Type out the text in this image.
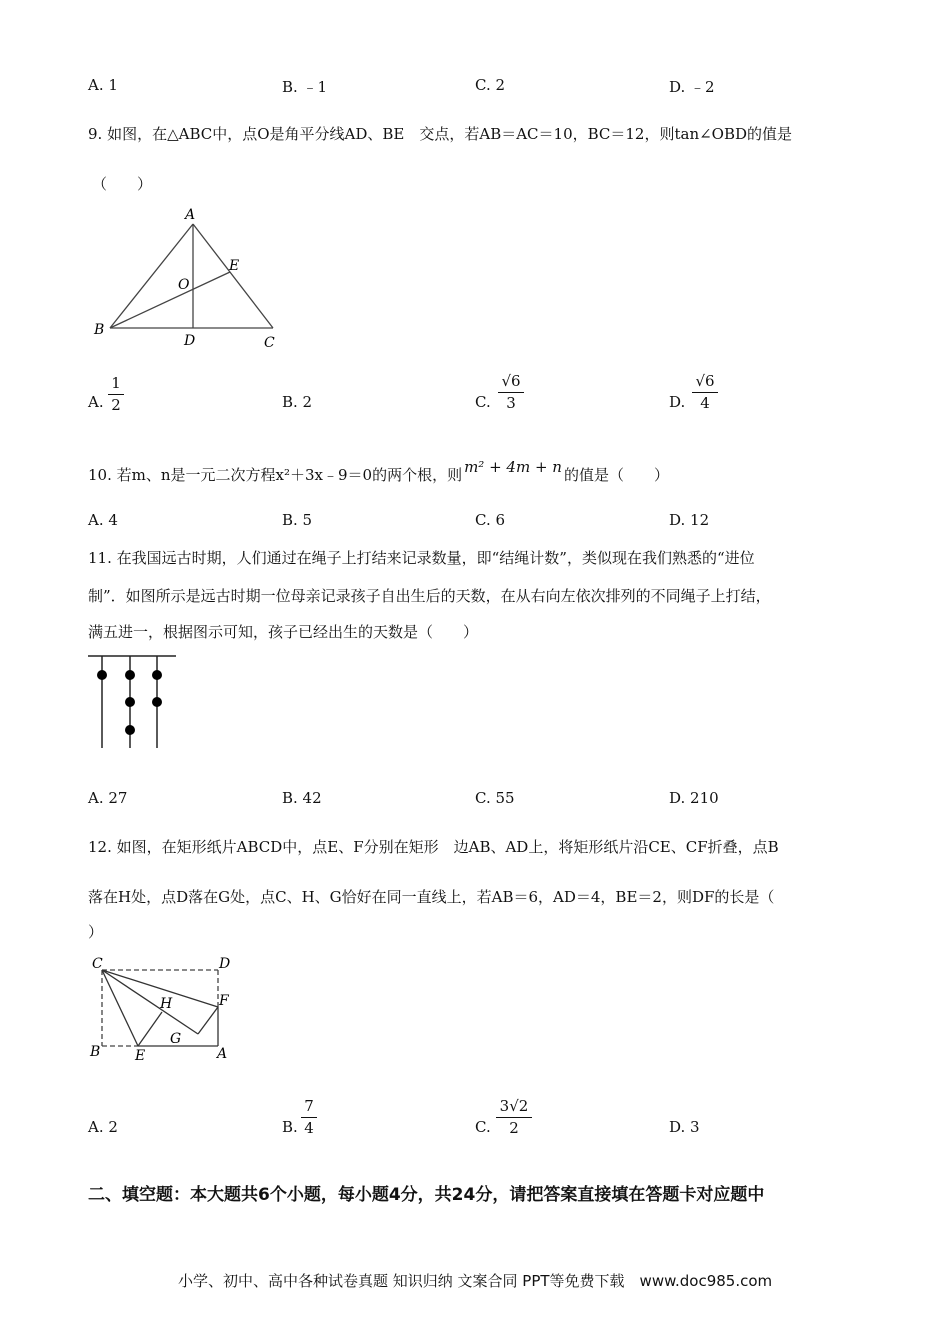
A. 1	B. ﹣1	C. 2	D. ﹣2
9. 如图，在△ABC中，点O是角平分线AD、BE　交点，若AB＝AC＝10，BC＝12，则tan∠OBD的值是
（　　）
A
B
C
D
E
O
A.
1
2	B. 2	C.
√6
3	D.
√6
4
10. 若m、n是一元二次方程x²＋3x﹣9＝0的两个根，则 m² + 4m + n 的值是（　　）
A. 4	B. 5	C. 6	D. 12
11. 在我国远古时期，人们通过在绳子上打结来记录数量，即“结绳计数”，类似现在我们熟悉的“进位
制”．如图所示是远古时期一位母亲记录孩子自出生后的天数，在从右向左依次排列的不同绳子上打结，
满五进一，根据图示可知，孩子已经出生的天数是（　　）
A. 27	B. 42	C. 55	D. 210
12. 如图，在矩形纸片ABCD中，点E、F分别在矩形　边AB、AD上，将矩形纸片沿CE、CF折叠，点B
落在H处，点D落在G处，点C、H、G恰好在同一直线上，若AB＝6，AD＝4，BE＝2，则DF的长是（
）
C	D
B E	A
F
H
G
A. 2	B.
7
4	C.
3√2
2	D. 3
二、填空题：本大题共6个小题，每小题4分，共24分，请把答案直接填在答题卡对应题中
小学、初中、高中各种试卷真题 知识归纳 文案合同 PPT等免费下载　www.doc985.com
